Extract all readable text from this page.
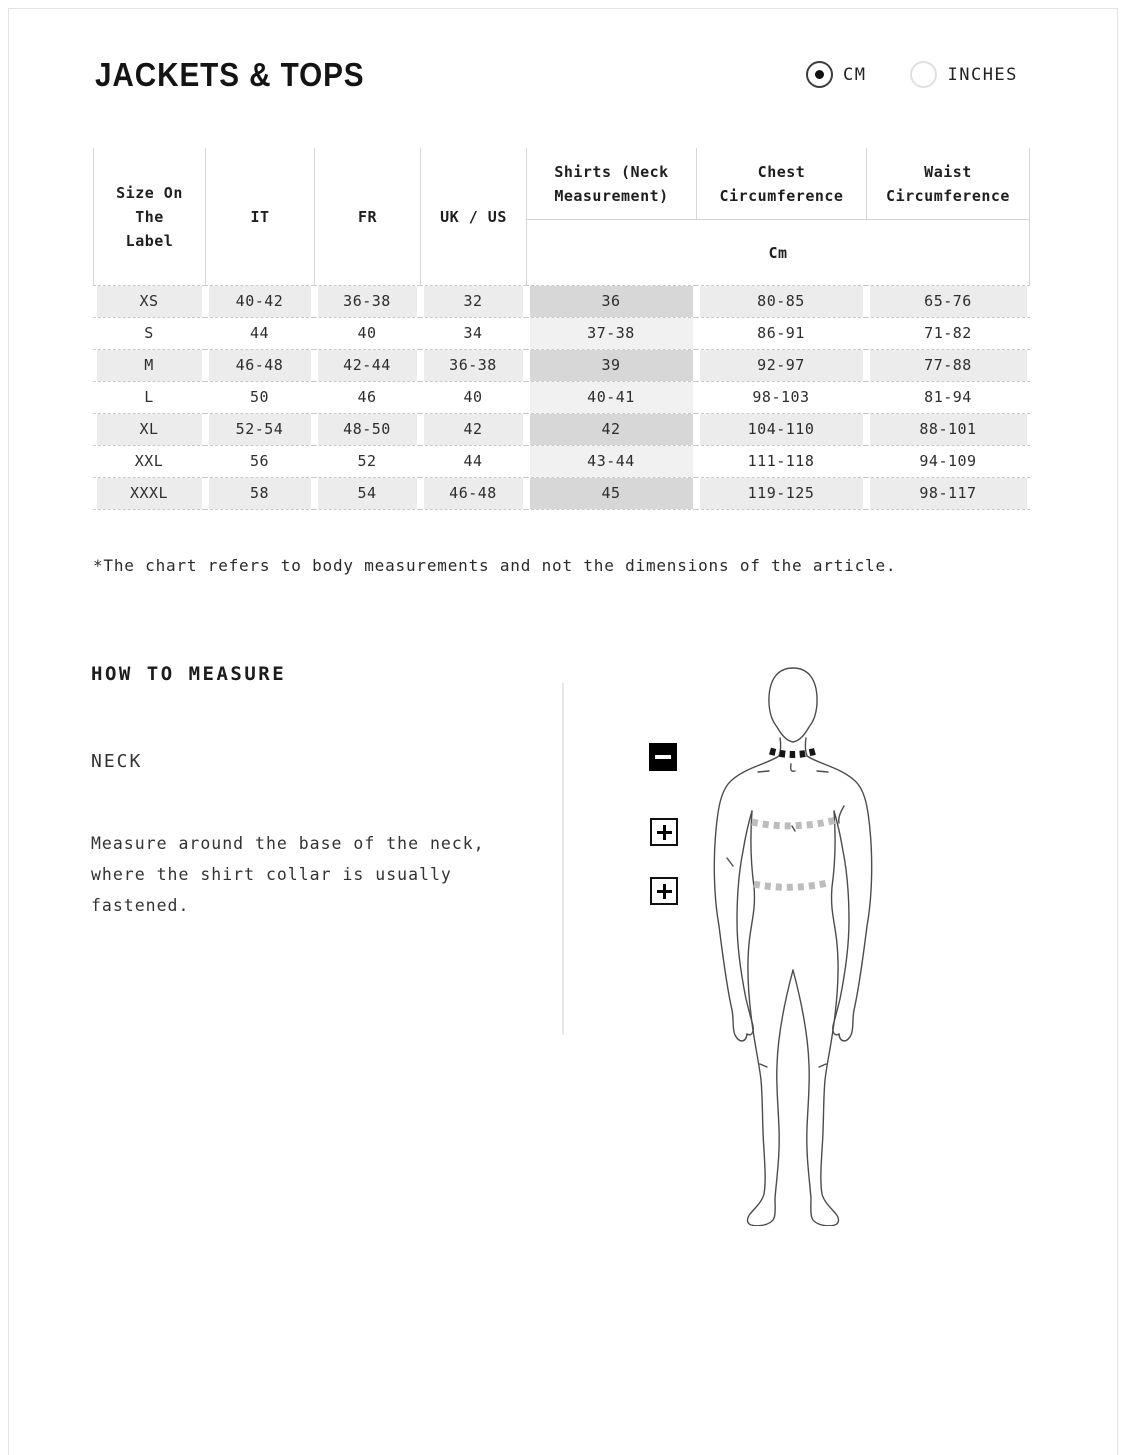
JACKETS & TOPS	CM	INCHES
Size On The Label	IT	FR	UK / US	Shirts (Neck Measurement)	Chest Circumference	Waist Circumference
				Cm		

XS	40-42	36-38	32	36	80-85	65-76

S	44	40	34	37-38	86-91	71-82

M	46-48	42-44	36-38	39	92-97	77-88

L	50	46	40	40-41	98-103	81-94

XL	52-54	48-50	42	42	104-110	88-101

XXL	56	52	44	43-44	111-118	94-109

XXXL	58	54	46-48	45	119-125	98-117
*The chart refers to body measurements and not the dimensions of the article.
HOW TO MEASURE
NECK

Measure around the base of the neck, where the shirt collar is usually fastened.
